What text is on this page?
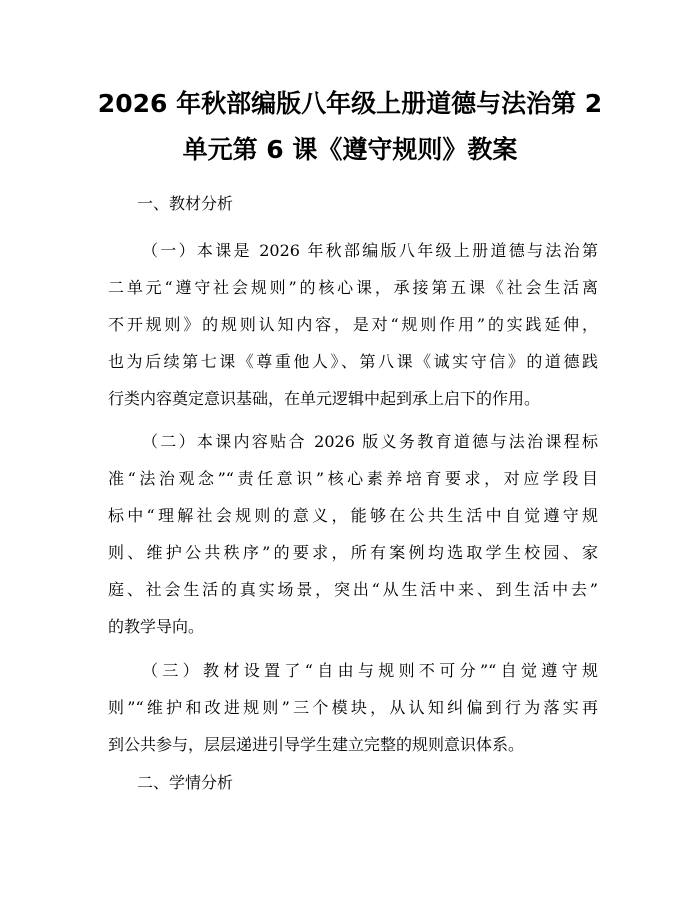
2026 年秋部编版八年级上册道德与法治第 2
单元第 6 课《遵守规则》教案
一、教材分析
（一）本课是 2026 年秋部编版八年级上册道德与法治第
二单元“遵守社会规则”的核心课，承接第五课《社会生活离
不开规则》的规则认知内容，是对“规则作用”的实践延伸，
也为后续第七课《尊重他人》、第八课《诚实守信》的道德践
行类内容奠定意识基础，在单元逻辑中起到承上启下的作用。
（二）本课内容贴合 2026 版义务教育道德与法治课程标
准“法治观念”“责任意识”核心素养培育要求，对应学段目
标中“理解社会规则的意义，能够在公共生活中自觉遵守规
则、维护公共秩序”的要求，所有案例均选取学生校园、家
庭、社会生活的真实场景，突出“从生活中来、到生活中去”
的教学导向。
（三）教材设置了“自由与规则不可分”“自觉遵守规
则”“维护和改进规则”三个模块，从认知纠偏到行为落实再
到公共参与，层层递进引导学生建立完整的规则意识体系。
二、学情分析
